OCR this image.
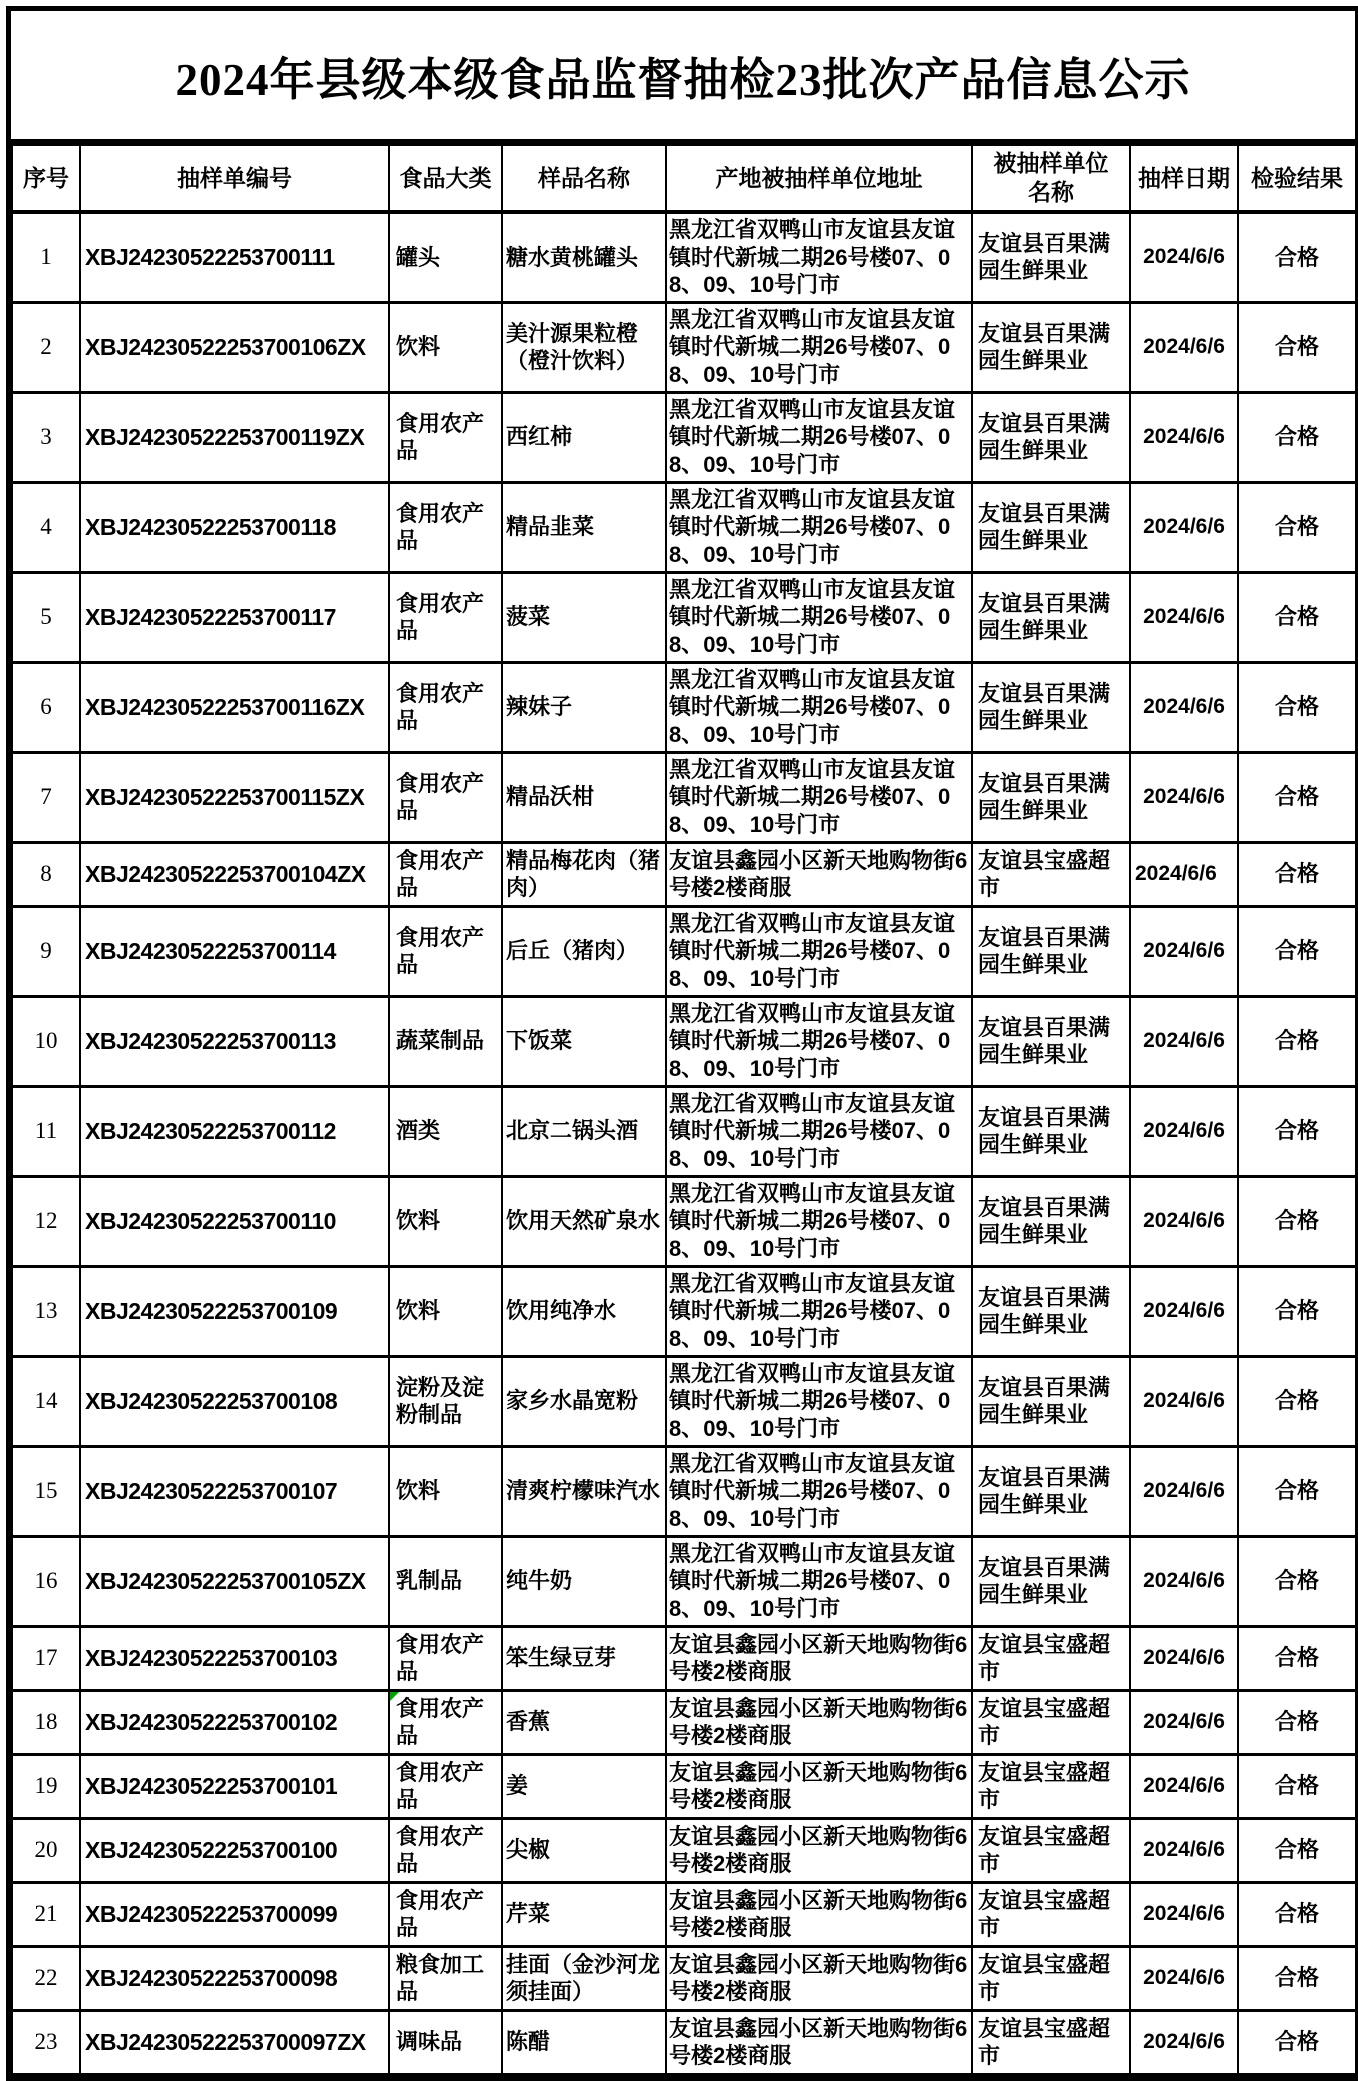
2024年县级本级食品监督抽检23批次产品信息公示
序号	抽样单编号	食品大类	样品名称	产地被抽样单位地址	被抽样单位名称	抽样日期	检验结果
1	XBJ24230522253700111	罐头	糖水黄桃罐头	黑龙江省双鸭山市友谊县友谊镇时代新城二期26号楼07、08、09、10号门市	友谊县百果满园生鲜果业	2024/6/6	合格
2	XBJ24230522253700106ZX	饮料	美汁源果粒橙（橙汁饮料）	黑龙江省双鸭山市友谊县友谊镇时代新城二期26号楼07、08、09、10号门市	友谊县百果满园生鲜果业	2024/6/6	合格
3	XBJ24230522253700119ZX	食用农产品	西红柿	黑龙江省双鸭山市友谊县友谊镇时代新城二期26号楼07、08、09、10号门市	友谊县百果满园生鲜果业	2024/6/6	合格
4	XBJ24230522253700118	食用农产品	精品韭菜	黑龙江省双鸭山市友谊县友谊镇时代新城二期26号楼07、08、09、10号门市	友谊县百果满园生鲜果业	2024/6/6	合格
5	XBJ24230522253700117	食用农产品	菠菜	黑龙江省双鸭山市友谊县友谊镇时代新城二期26号楼07、08、09、10号门市	友谊县百果满园生鲜果业	2024/6/6	合格
6	XBJ24230522253700116ZX	食用农产品	辣妹子	黑龙江省双鸭山市友谊县友谊镇时代新城二期26号楼07、08、09、10号门市	友谊县百果满园生鲜果业	2024/6/6	合格
7	XBJ24230522253700115ZX	食用农产品	精品沃柑	黑龙江省双鸭山市友谊县友谊镇时代新城二期26号楼07、08、09、10号门市	友谊县百果满园生鲜果业	2024/6/6	合格
8	XBJ24230522253700104ZX	食用农产品	精品梅花肉（猪肉）	友谊县鑫园小区新天地购物街6号楼2楼商服	友谊县宝盛超市	2024/6/6	合格
9	XBJ24230522253700114	食用农产品	后丘（猪肉）	黑龙江省双鸭山市友谊县友谊镇时代新城二期26号楼07、08、09、10号门市	友谊县百果满园生鲜果业	2024/6/6	合格
10	XBJ24230522253700113	蔬菜制品	下饭菜	黑龙江省双鸭山市友谊县友谊镇时代新城二期26号楼07、08、09、10号门市	友谊县百果满园生鲜果业	2024/6/6	合格
11	XBJ24230522253700112	酒类	北京二锅头酒	黑龙江省双鸭山市友谊县友谊镇时代新城二期26号楼07、08、09、10号门市	友谊县百果满园生鲜果业	2024/6/6	合格
12	XBJ24230522253700110	饮料	饮用天然矿泉水	黑龙江省双鸭山市友谊县友谊镇时代新城二期26号楼07、08、09、10号门市	友谊县百果满园生鲜果业	2024/6/6	合格
13	XBJ24230522253700109	饮料	饮用纯净水	黑龙江省双鸭山市友谊县友谊镇时代新城二期26号楼07、08、09、10号门市	友谊县百果满园生鲜果业	2024/6/6	合格
14	XBJ24230522253700108	淀粉及淀粉制品	家乡水晶宽粉	黑龙江省双鸭山市友谊县友谊镇时代新城二期26号楼07、08、09、10号门市	友谊县百果满园生鲜果业	2024/6/6	合格
15	XBJ24230522253700107	饮料	清爽柠檬味汽水	黑龙江省双鸭山市友谊县友谊镇时代新城二期26号楼07、08、09、10号门市	友谊县百果满园生鲜果业	2024/6/6	合格
16	XBJ24230522253700105ZX	乳制品	纯牛奶	黑龙江省双鸭山市友谊县友谊镇时代新城二期26号楼07、08、09、10号门市	友谊县百果满园生鲜果业	2024/6/6	合格
17	XBJ24230522253700103	食用农产品	笨生绿豆芽	友谊县鑫园小区新天地购物街6号楼2楼商服	友谊县宝盛超市	2024/6/6	合格
18	XBJ24230522253700102	食用农产品	香蕉	友谊县鑫园小区新天地购物街6号楼2楼商服	友谊县宝盛超市	2024/6/6	合格
19	XBJ24230522253700101	食用农产品	姜	友谊县鑫园小区新天地购物街6号楼2楼商服	友谊县宝盛超市	2024/6/6	合格
20	XBJ24230522253700100	食用农产品	尖椒	友谊县鑫园小区新天地购物街6号楼2楼商服	友谊县宝盛超市	2024/6/6	合格
21	XBJ24230522253700099	食用农产品	芹菜	友谊县鑫园小区新天地购物街6号楼2楼商服	友谊县宝盛超市	2024/6/6	合格
22	XBJ24230522253700098	粮食加工品	挂面（金沙河龙须挂面）	友谊县鑫园小区新天地购物街6号楼2楼商服	友谊县宝盛超市	2024/6/6	合格
23	XBJ24230522253700097ZX	调味品	陈醋	友谊县鑫园小区新天地购物街6号楼2楼商服	友谊县宝盛超市	2024/6/6	合格
